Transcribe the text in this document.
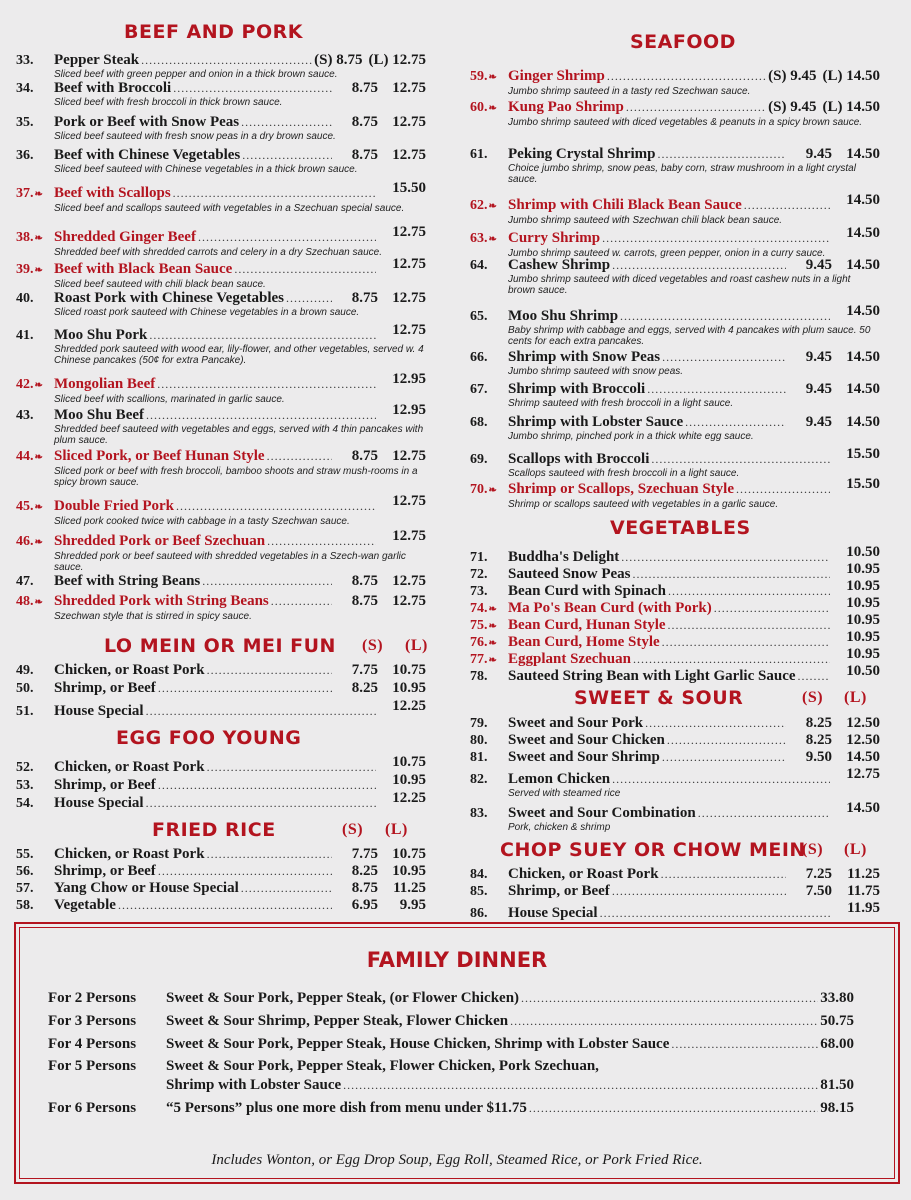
BEEF AND PORK
33.	Pepper Steak .....	(S) 8.75 (L) 12.75
Sliced beef with green pepper and onion in a thick brown sauce.
34.	Beef with Broccoli .....	8.75 12.75
Sliced beef with fresh broccoli in thick brown sauce.
35.	Pork or Beef with Snow Peas .....	8.75 12.75
Sliced beef sauteed with fresh snow peas in a dry brown sauce.
36.	Beef with Chinese Vegetables .....	8.75 12.75
Sliced beef sauteed with Chinese vegetables in a thick brown sauce.
37.❧ Beef with Scallops .....	15.50
Sliced beef and scallops sauteed with vegetables in a Szechuan special sauce.
38.❧ Shredded Ginger Beef .....	12.75
Shredded beef with shredded carrots and celery in a dry Szechuan sauce.
39.❧ Beef with Black Bean Sauce .....	12.75
Sliced beef sauteed with chili black bean sauce.
40.	Roast Pork with Chinese Vegetables .....	8.75 12.75
Sliced roast pork sauteed with Chinese vegetables in a brown sauce.
41.	Moo Shu Pork .....	12.75
Shredded pork sauteed with wood ear, lily-flower, and other vegetables, served w. 4 Chinese pancakes (50¢ for extra Pancake).
42.❧ Mongolian Beef .....	12.95
Sliced beef with scallions, marinated in garlic sauce.
43.	Moo Shu Beef .....	12.95
Shredded beef sauteed with vegetables and eggs, served with 4 thin pancakes with plum sauce.
44.❧ Sliced Pork, or Beef Hunan Style .....	8.75 12.75
Sliced pork or beef with fresh broccoli, bamboo shoots and straw mush-rooms in a spicy brown sauce.
45.❧ Double Fried Pork .....	12.75
Sliced pork cooked twice with cabbage in a tasty Szechwan sauce.
46.❧ Shredded Pork or Beef Szechuan .....	12.75
Shredded pork or beef sauteed with shredded vegetables in a Szech-wan garlic sauce.
47.	Beef with String Beans .....	8.75 12.75
48.❧ Shredded Pork with String Beans .....	8.75 12.75
Szechwan style that is stirred in spicy sauce.
LO MEIN OR MEI FUN (S) (L)
49.	Chicken, or Roast Pork .....	7.75 10.75
50.	Shrimp, or Beef .....	8.25 10.95
51.	House Special .....	12.25
EGG FOO YOUNG
52.	Chicken, or Roast Pork .....	10.75
53.	Shrimp, or Beef .....	10.95
54.	House Special .....	12.25
FRIED RICE	(S) (L)
55.	Chicken, or Roast Pork .....	7.75 10.75
56.	Shrimp, or Beef .....	8.25 10.95
57.	Yang Chow or House Special .....	8.75	11.25
58.	Vegetable .....	6.95	9.95
SEAFOOD
59.❧ Ginger Shrimp .....	(S) 9.45 (L) 14.50
Jumbo shrimp sauteed in a tasty red Szechwan sauce.
60.❧ Kung Pao Shrimp .....	(S) 9.45 (L) 14.50
Jumbo shrimp sauteed with diced vegetables & peanuts in a spicy brown sauce.
61.	Peking Crystal Shrimp .....	9.45 14.50
Choice jumbo shrimp, snow peas, baby corn, straw mushroom in a light crystal sauce.
62.❧ Shrimp with Chili Black Bean Sauce .....	14.50
Jumbo shrimp sauteed with Szechwan chili black bean sauce.
63.❧ Curry Shrimp .....	14.50
Jumbo shrimp sauteed w. carrots, green pepper, onion in a curry sauce.
64.	Cashew Shrimp .....	9.45 14.50
Jumbo shrimp sauteed with diced vegetables and roast cashew nuts in a light brown sauce.
65.	Moo Shu Shrimp .....	14.50
Baby shrimp with cabbage and eggs, served with 4 pancakes with plum sauce. 50 cents for each extra pancakes.
66.	Shrimp with Snow Peas .....	9.45 14.50
Jumbo shrimp sauteed with snow peas.
67.	Shrimp with Broccoli .....	9.45 14.50
Shrimp sauteed with fresh broccoli in a light sauce.
68.	Shrimp with Lobster Sauce .....	9.45 14.50
Jumbo shrimp, pinched pork in a thick white egg sauce.
69.	Scallops with Broccoli .....	15.50
Scallops sauteed with fresh broccoli in a light sauce.
70.❧ Shrimp or Scallops, Szechuan Style .....	15.50
Shrimp or scallops sauteed with vegetables in a garlic sauce.
VEGETABLES
71.	Buddha's Delight .....	10.50
72.	Sauteed Snow Peas .....	10.95
73.	Bean Curd with Spinach .....	10.95
74.❧ Ma Po's Bean Curd (with Pork) .....	10.95
75.❧ Bean Curd, Hunan Style .....	10.95
76.❧ Bean Curd, Home Style .....	10.95
77.❧ Eggplant Szechuan .....	10.95
78.	Sauteed String Bean with Light Garlic Sauce .....	10.50
SWEET & SOUR	(S) (L)
79.	Sweet and Sour Pork .....	8.25 12.50
80.	Sweet and Sour Chicken .....	8.25 12.50
81.	Sweet and Sour Shrimp .....	9.50 14.50
82.	Lemon Chicken .....	12.75
Served with steamed rice
83.	Sweet and Sour Combination .....	14.50
Pork, chicken & shrimp
CHOP SUEY OR CHOW MEIN
(S) (L)
84.	Chicken, or Roast Pork .....	7.25	11.25
85.	Shrimp, or Beef .....	7.50	11.75
86.	House Special .....	11.95
FAMILY DINNER
For 2 Persons	Sweet & Sour Pork, Pepper Steak, (or Flower Chicken) .....	33.80
For 3 Persons	Sweet & Sour Shrimp, Pepper Steak, Flower Chicken .....	50.75
For 4 Persons	Sweet & Sour Pork, Pepper Steak, House Chicken, Shrimp with Lobster Sauce .....	68.00
For 5 Persons	Sweet & Sour Pork, Pepper Steak, Flower Chicken, Pork Szechuan,
Shrimp with Lobster Sauce .....	81.50
For 6 Persons	“5 Persons” plus one more dish from menu under $11.75 .....	98.15
Includes Wonton, or Egg Drop Soup, Egg Roll, Steamed Rice, or Pork Fried Rice.
